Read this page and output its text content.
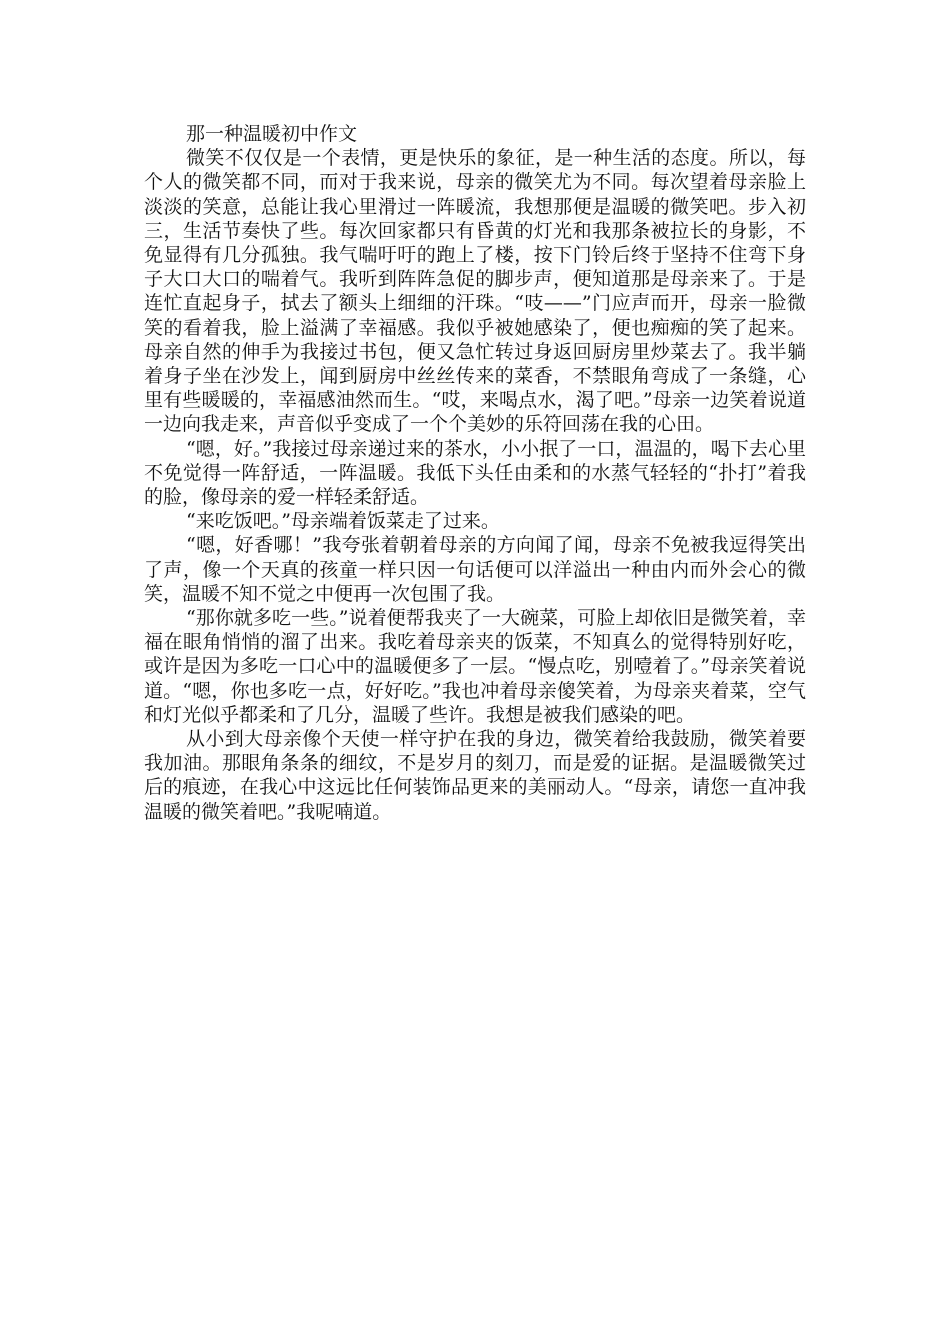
那一种温暖初中作文

微笑不仅仅是一个表情，更是快乐的象征，是一种生活的态度。所以，每个人的微笑都不同，而对于我来说，母亲的微笑尤为不同。每次望着母亲脸上淡淡的笑意，总能让我心里滑过一阵暖流，我想那便是温暖的微笑吧。步入初三，生活节奏快了些。每次回家都只有昏黄的灯光和我那条被拉长的身影，不免显得有几分孤独。我气喘吁吁的跑上了楼，按下门铃后终于坚持不住弯下身子大口大口的喘着气。我听到阵阵急促的脚步声，便知道那是母亲来了。于是连忙直起身子，拭去了额头上细细的汗珠。“吱——”门应声而开，母亲一脸微笑的看着我，脸上溢满了幸福感。我似乎被她感染了，便也痴痴的笑了起来。母亲自然的伸手为我接过书包，便又急忙转过身返回厨房里炒菜去了。我半躺着身子坐在沙发上，闻到厨房中丝丝传来的菜香，不禁眼角弯成了一条缝，心里有些暖暖的，幸福感油然而生。“哎，来喝点水，渴了吧。”母亲一边笑着说道一边向我走来，声音似乎变成了一个个美妙的乐符回荡在我的心田。

“嗯，好。”我接过母亲递过来的茶水，小小抿了一口，温温的，喝下去心里不免觉得一阵舒适，一阵温暖。我低下头任由柔和的水蒸气轻轻的“扑打”着我的脸，像母亲的爱一样轻柔舒适。

“来吃饭吧。”母亲端着饭菜走了过来。

“嗯，好香哪！”我夸张着朝着母亲的方向闻了闻，母亲不免被我逗得笑出了声，像一个天真的孩童一样只因一句话便可以洋溢出一种由内而外会心的微笑，温暖不知不觉之中便再一次包围了我。

“那你就多吃一些。”说着便帮我夹了一大碗菜，可脸上却依旧是微笑着，幸福在眼角悄悄的溜了出来。我吃着母亲夹的饭菜，不知真么的觉得特别好吃，或许是因为多吃一口心中的温暖便多了一层。“慢点吃，别噎着了。”母亲笑着说道。“嗯，你也多吃一点，好好吃。”我也冲着母亲傻笑着，为母亲夹着菜，空气和灯光似乎都柔和了几分，温暖了些许。我想是被我们感染的吧。

从小到大母亲像个天使一样守护在我的身边，微笑着给我鼓励，微笑着要我加油。那眼角条条的细纹，不是岁月的刻刀，而是爱的证据。是温暖微笑过后的痕迹，在我心中这远比任何装饰品更来的美丽动人。“母亲，请您一直冲我温暖的微笑着吧。”我呢喃道。
